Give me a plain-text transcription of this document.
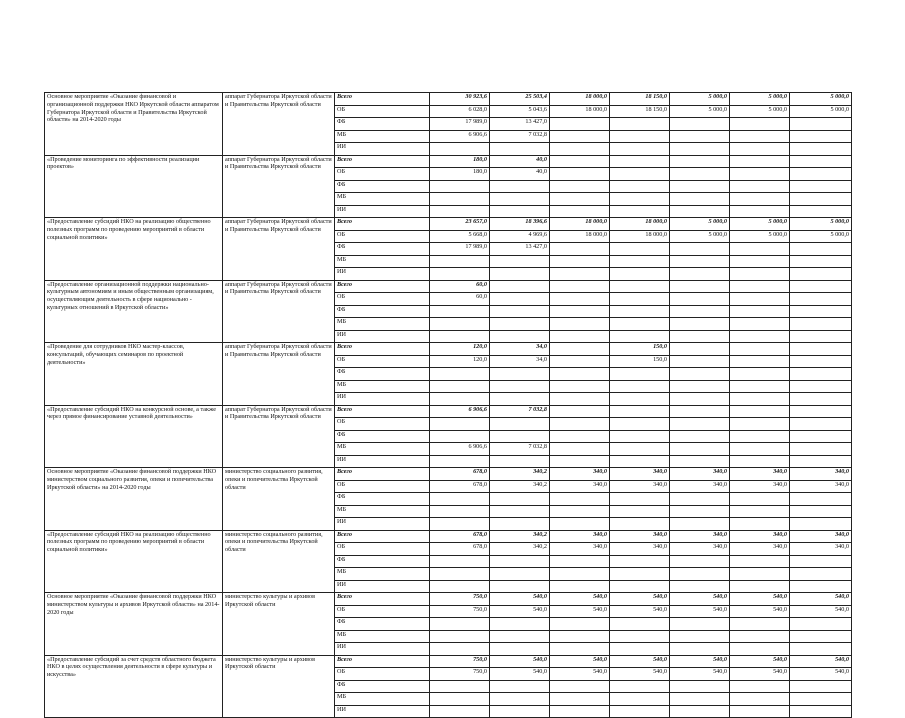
Основное мероприятие «Оказание финансовой и организационной поддержки НКО Иркутской области аппаратом Губернатора Иркутской области и Правительства Иркутской области» на 2014-2020 годы	аппарат Губернатора Иркутской области и Правительства Иркутской области	Всего	30 923,6	25 503,4	18 000,0	18 150,0	5 000,0	5 000,0	5 000,0
		ОБ	6 028,0	5 043,6	18 000,0	18 150,0	5 000,0	5 000,0	5 000,0
		ФБ	17 989,0	13 427,0					
		МБ	6 906,6	7 032,8					
		ИИ							
«Проведение мониторинга по эффективности реализации проектов»	аппарат Губернатора Иркутской области и Правительства Иркутской области	Всего	180,0	40,0					
		ОБ	180,0	40,0					
		ФБ							
		МБ							
		ИИ							
«Предоставление субсидий НКО на реализацию общественно полезных программ по проведению мероприятий в области социальной политики»	аппарат Губернатора Иркутской области и Правительства Иркутской области	Всего	23 657,0	18 396,6	18 000,0	18 000,0	5 000,0	5 000,0	5 000,0
		ОБ	5 668,0	4 969,6	18 000,0	18 000,0	5 000,0	5 000,0	5 000,0
		ФБ	17 989,0	13 427,0					
		МБ							
		ИИ							
«Предоставление организационной поддержки национально-культурным автономиям и иным общественным организациям, осуществляющим деятельность в сфере национально - культурных отношений в Иркутской области»	аппарат Губернатора Иркутской области и Правительства Иркутской области	Всего	60,0						
		ОБ	60,0						
		ФБ							
		МБ							
		ИИ							
«Проведение для сотрудников НКО мастер-классов, консультаций, обучающих семинаров по проектной деятельности»	аппарат Губернатора Иркутской области и Правительства Иркутской области	Всего	120,0	34,0		150,0			
		ОБ	120,0	34,0		150,0			
		ФБ							
		МБ							
		ИИ							
«Предоставление субсидий НКО на конкурсной основе, а также через прямое финансирование уставной деятельности»	аппарат Губернатора Иркутской области и Правительства Иркутской области	Всего	6 906,6	7 032,8					
		ОБ							
		ФБ							
		МБ	6 906,6	7 032,8					
		ИИ							
Основное мероприятие «Оказание финансовой поддержки НКО министерством социального развития, опеки и попечительства Иркутской области» на 2014-2020 годы	министерство социального развития, опеки и попечительства Иркутской области	Всего	678,0	340,2	340,0	340,0	340,0	340,0	340,0
		ОБ	678,0	340,2	340,0	340,0	340,0	340,0	340,0
		ФБ							
		МБ							
		ИИ							
«Предоставление субсидий НКО на реализацию общественно полезных программ по проведению мероприятий в области социальной политики»	министерство социального развития, опеки и попечительства Иркутской области	Всего	678,0	340,2	340,0	340,0	340,0	340,0	340,0
		ОБ	678,0	340,2	340,0	340,0	340,0	340,0	340,0
		ФБ							
		МБ							
		ИИ							
Основное мероприятие «Оказание финансовой поддержки НКО министерством культуры и архивов Иркутской области» на 2014-2020 годы	министерство культуры и архивов Иркутской области	Всего	750,0	540,0	540,0	540,0	540,0	540,0	540,0
		ОБ	750,0	540,0	540,0	540,0	540,0	540,0	540,0
		ФБ							
		МБ							
		ИИ							
«Предоставление субсидий за счет средств областного бюджета НКО в целях осуществления деятельности в сфере культуры и искусства»	министерство культуры и архивов Иркутской области	Всего	750,0	540,0	540,0	540,0	540,0	540,0	540,0
		ОБ	750,0	540,0	540,0	540,0	540,0	540,0	540,0
		ФБ							
		МБ							
		ИИ							
